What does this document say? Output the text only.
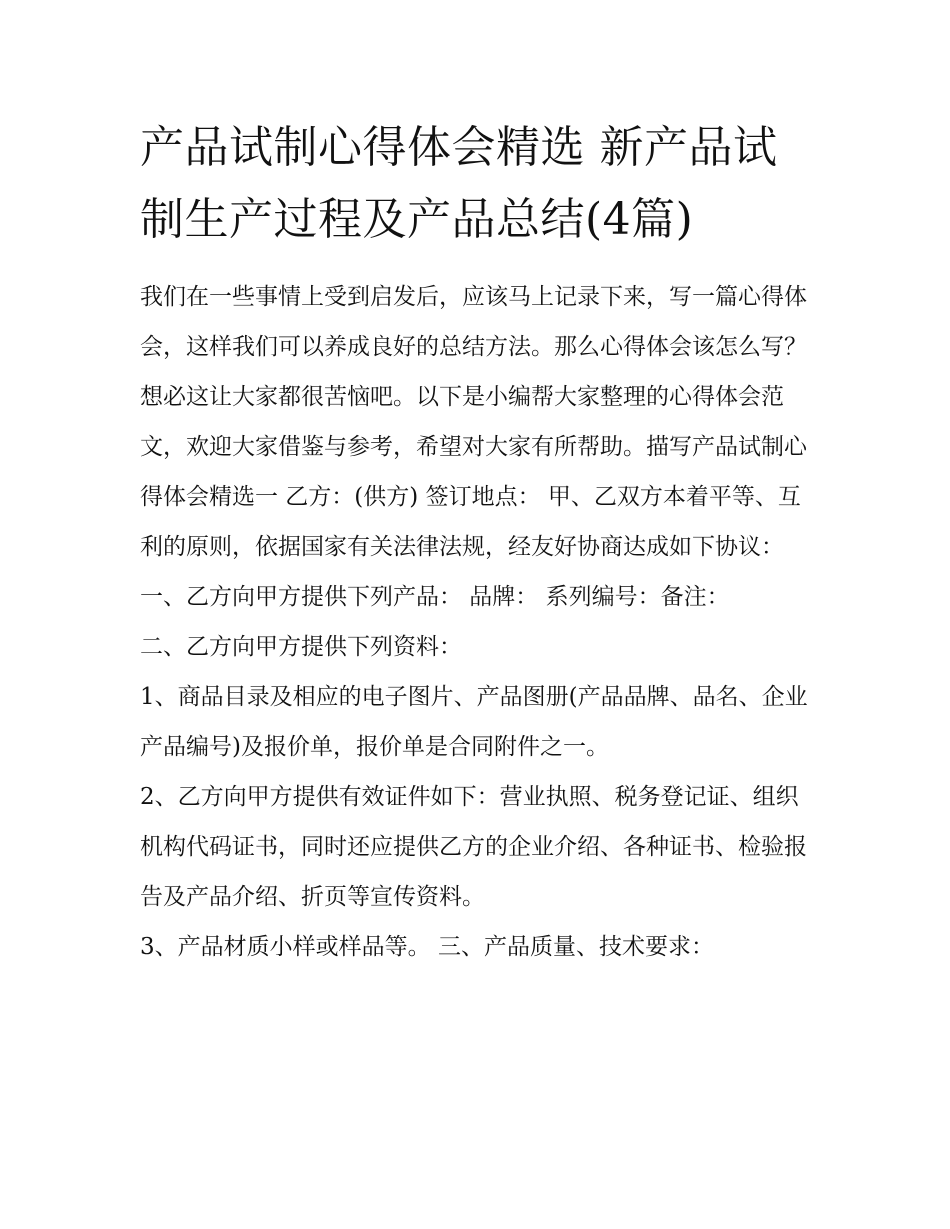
产品试制心得体会精选 新产品试制生产过程及产品总结(4篇)

我们在一些事情上受到启发后，应该马上记录下来，写一篇心得体会，这样我们可以养成良好的总结方法。那么心得体会该怎么写？想必这让大家都很苦恼吧。以下是小编帮大家整理的心得体会范文，欢迎大家借鉴与参考，希望对大家有所帮助。描写产品试制心得体会精选一 乙方：(供方) 签订地点： 甲、乙双方本着平等、互利的原则，依据国家有关法律法规，经友好协商达成如下协议：

一、乙方向甲方提供下列产品： 品牌： 系列编号：备注：

二、乙方向甲方提供下列资料：

1、商品目录及相应的电子图片、产品图册(产品品牌、品名、企业产品编号)及报价单，报价单是合同附件之一。

2、乙方向甲方提供有效证件如下：营业执照、税务登记证、组织机构代码证书，同时还应提供乙方的企业介绍、各种证书、检验报告及产品介绍、折页等宣传资料。

3、产品材质小样或样品等。 三、产品质量、技术要求：
